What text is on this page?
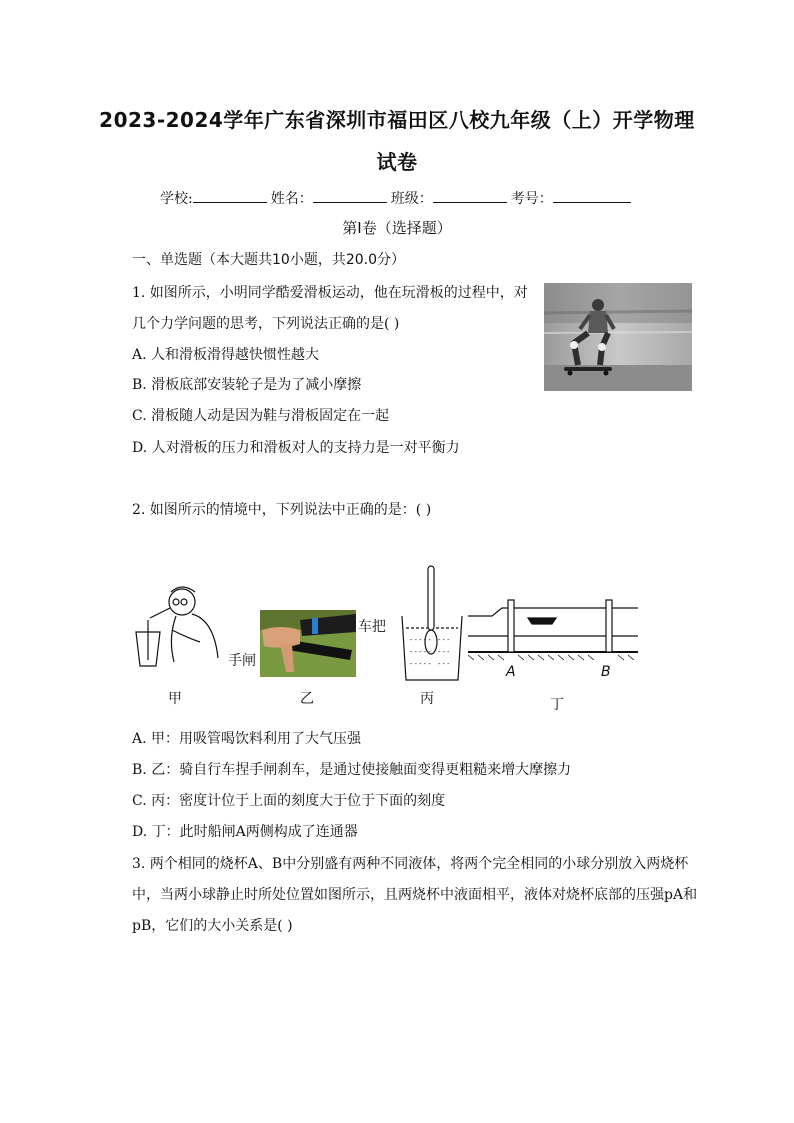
2023-2024学年广东省深圳市福田区八校九年级（上）开学物理
试卷
学校:	姓名：	班级：	考号：
第Ⅰ卷（选择题）
一、单选题（本大题共10小题，共20.0分）
1. 如图所示，小明同学酷爱滑板运动，他在玩滑板的过程中，对
几个力学问题的思考，下列说法正确的是( )
A. 人和滑板滑得越快惯性越大
B. 滑板底部安装轮子是为了减小摩擦
C. 滑板随人动是因为鞋与滑板固定在一起
D. 人对滑板的压力和滑板对人的支持力是一对平衡力
2. 如图所示的情境中，下列说法中正确的是：( )
手闸
甲
车把
乙
- - - - -
- - - - -
- - - - -
- - -
- - -
- - -
丙
A	B
丁
A. 甲：用吸管喝饮料利用了大气压强
B. 乙：骑自行车捏手闸刹车，是通过使接触面变得更粗糙来增大摩擦力
C. 丙：密度计位于上面的刻度大于位于下面的刻度
D. 丁：此时船闸A两侧构成了连通器
3. 两个相同的烧杯A、B中分别盛有两种不同液体，将两个完全相同的小球分别放入两烧杯
中，当两小球静止时所处位置如图所示，且两烧杯中液面相平，液体对烧杯底部的压强pA和
pB，它们的大小关系是( )
